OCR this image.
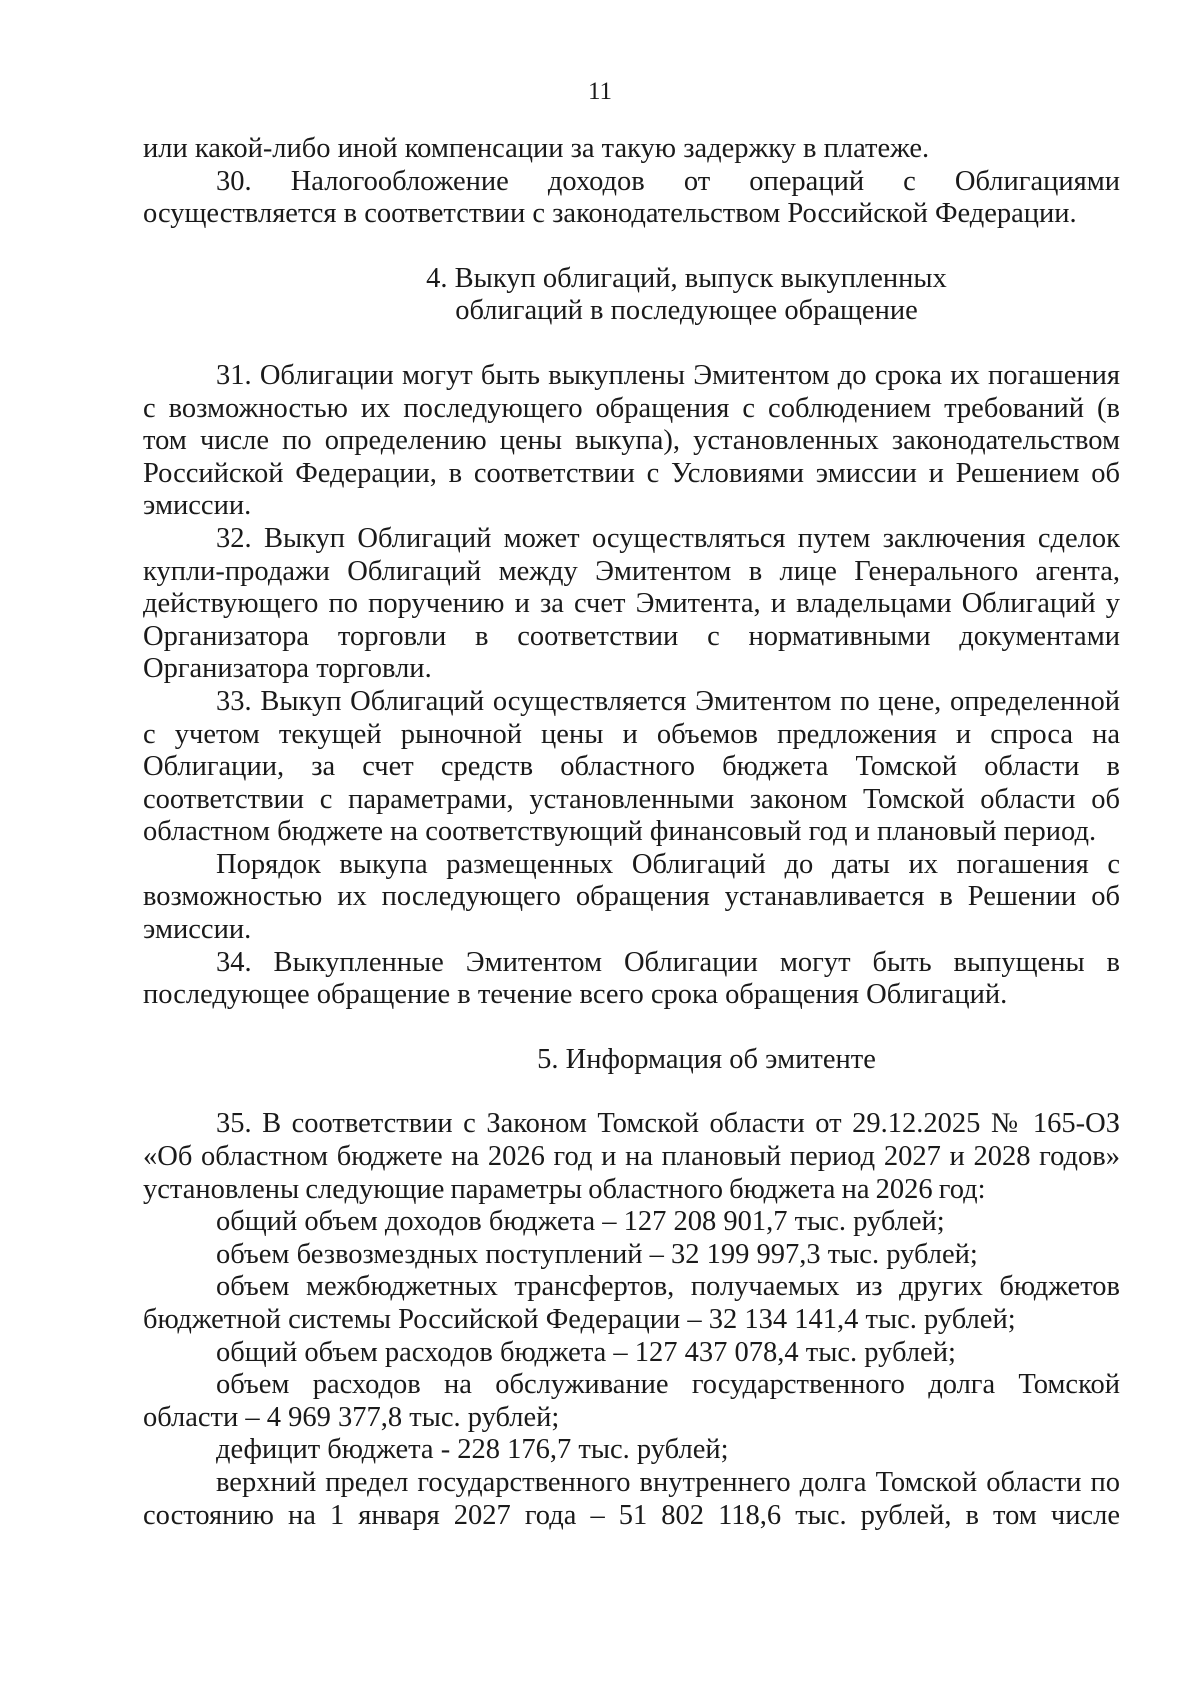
11

или какой-либо иной компенсации за такую задержку в платеже.

30. Налогообложение доходов от операций с Облигациями осуществляется в соответствии с законодательством Российской Федерации.

4. Выкуп облигаций, выпуск выкупленных
облигаций в последующее обращение

31. Облигации могут быть выкуплены Эмитентом до срока их погашения с возможностью их последующего обращения с соблюдением требований (в том числе по определению цены выкупа), установленных законодательством Российской Федерации, в соответствии с Условиями эмиссии и Решением об эмиссии.

32. Выкуп Облигаций может осуществляться путем заключения сделок купли-продажи Облигаций между Эмитентом в лице Генерального агента, действующего по поручению и за счет Эмитента, и владельцами Облигаций у Организатора торговли в соответствии с нормативными документами Организатора торговли.

33. Выкуп Облигаций осуществляется Эмитентом по цене, определенной с учетом текущей рыночной цены и объемов предложения и спроса на Облигации, за счет средств областного бюджета Томской области в соответствии с параметрами, установленными законом Томской области об областном бюджете на соответствующий финансовый год и плановый период.

Порядок выкупа размещенных Облигаций до даты их погашения с возможностью их последующего обращения устанавливается в Решении об эмиссии.

34. Выкупленные Эмитентом Облигации могут быть выпущены в последующее обращение в течение всего срока обращения Облигаций.

5. Информация об эмитенте

35. В соответствии с Законом Томской области от 29.12.2025 № 165-ОЗ «Об областном бюджете на 2026 год и на плановый период 2027 и 2028 годов» установлены следующие параметры областного бюджета на 2026 год:

общий объем доходов бюджета – 127 208 901,7 тыс. рублей;

объем безвозмездных поступлений – 32 199 997,3 тыс. рублей;

объем межбюджетных трансфертов, получаемых из других бюджетов бюджетной системы Российской Федерации – 32 134 141,4 тыс. рублей;

общий объем расходов бюджета – 127 437 078,4 тыс. рублей;

объем расходов на обслуживание государственного долга Томской области – 4 969 377,8 тыс. рублей;

дефицит бюджета - 228 176,7 тыс. рублей;

верхний предел государственного внутреннего долга Томской области по состоянию на 1 января 2027 года – 51 802 118,6 тыс. рублей, в том числе
